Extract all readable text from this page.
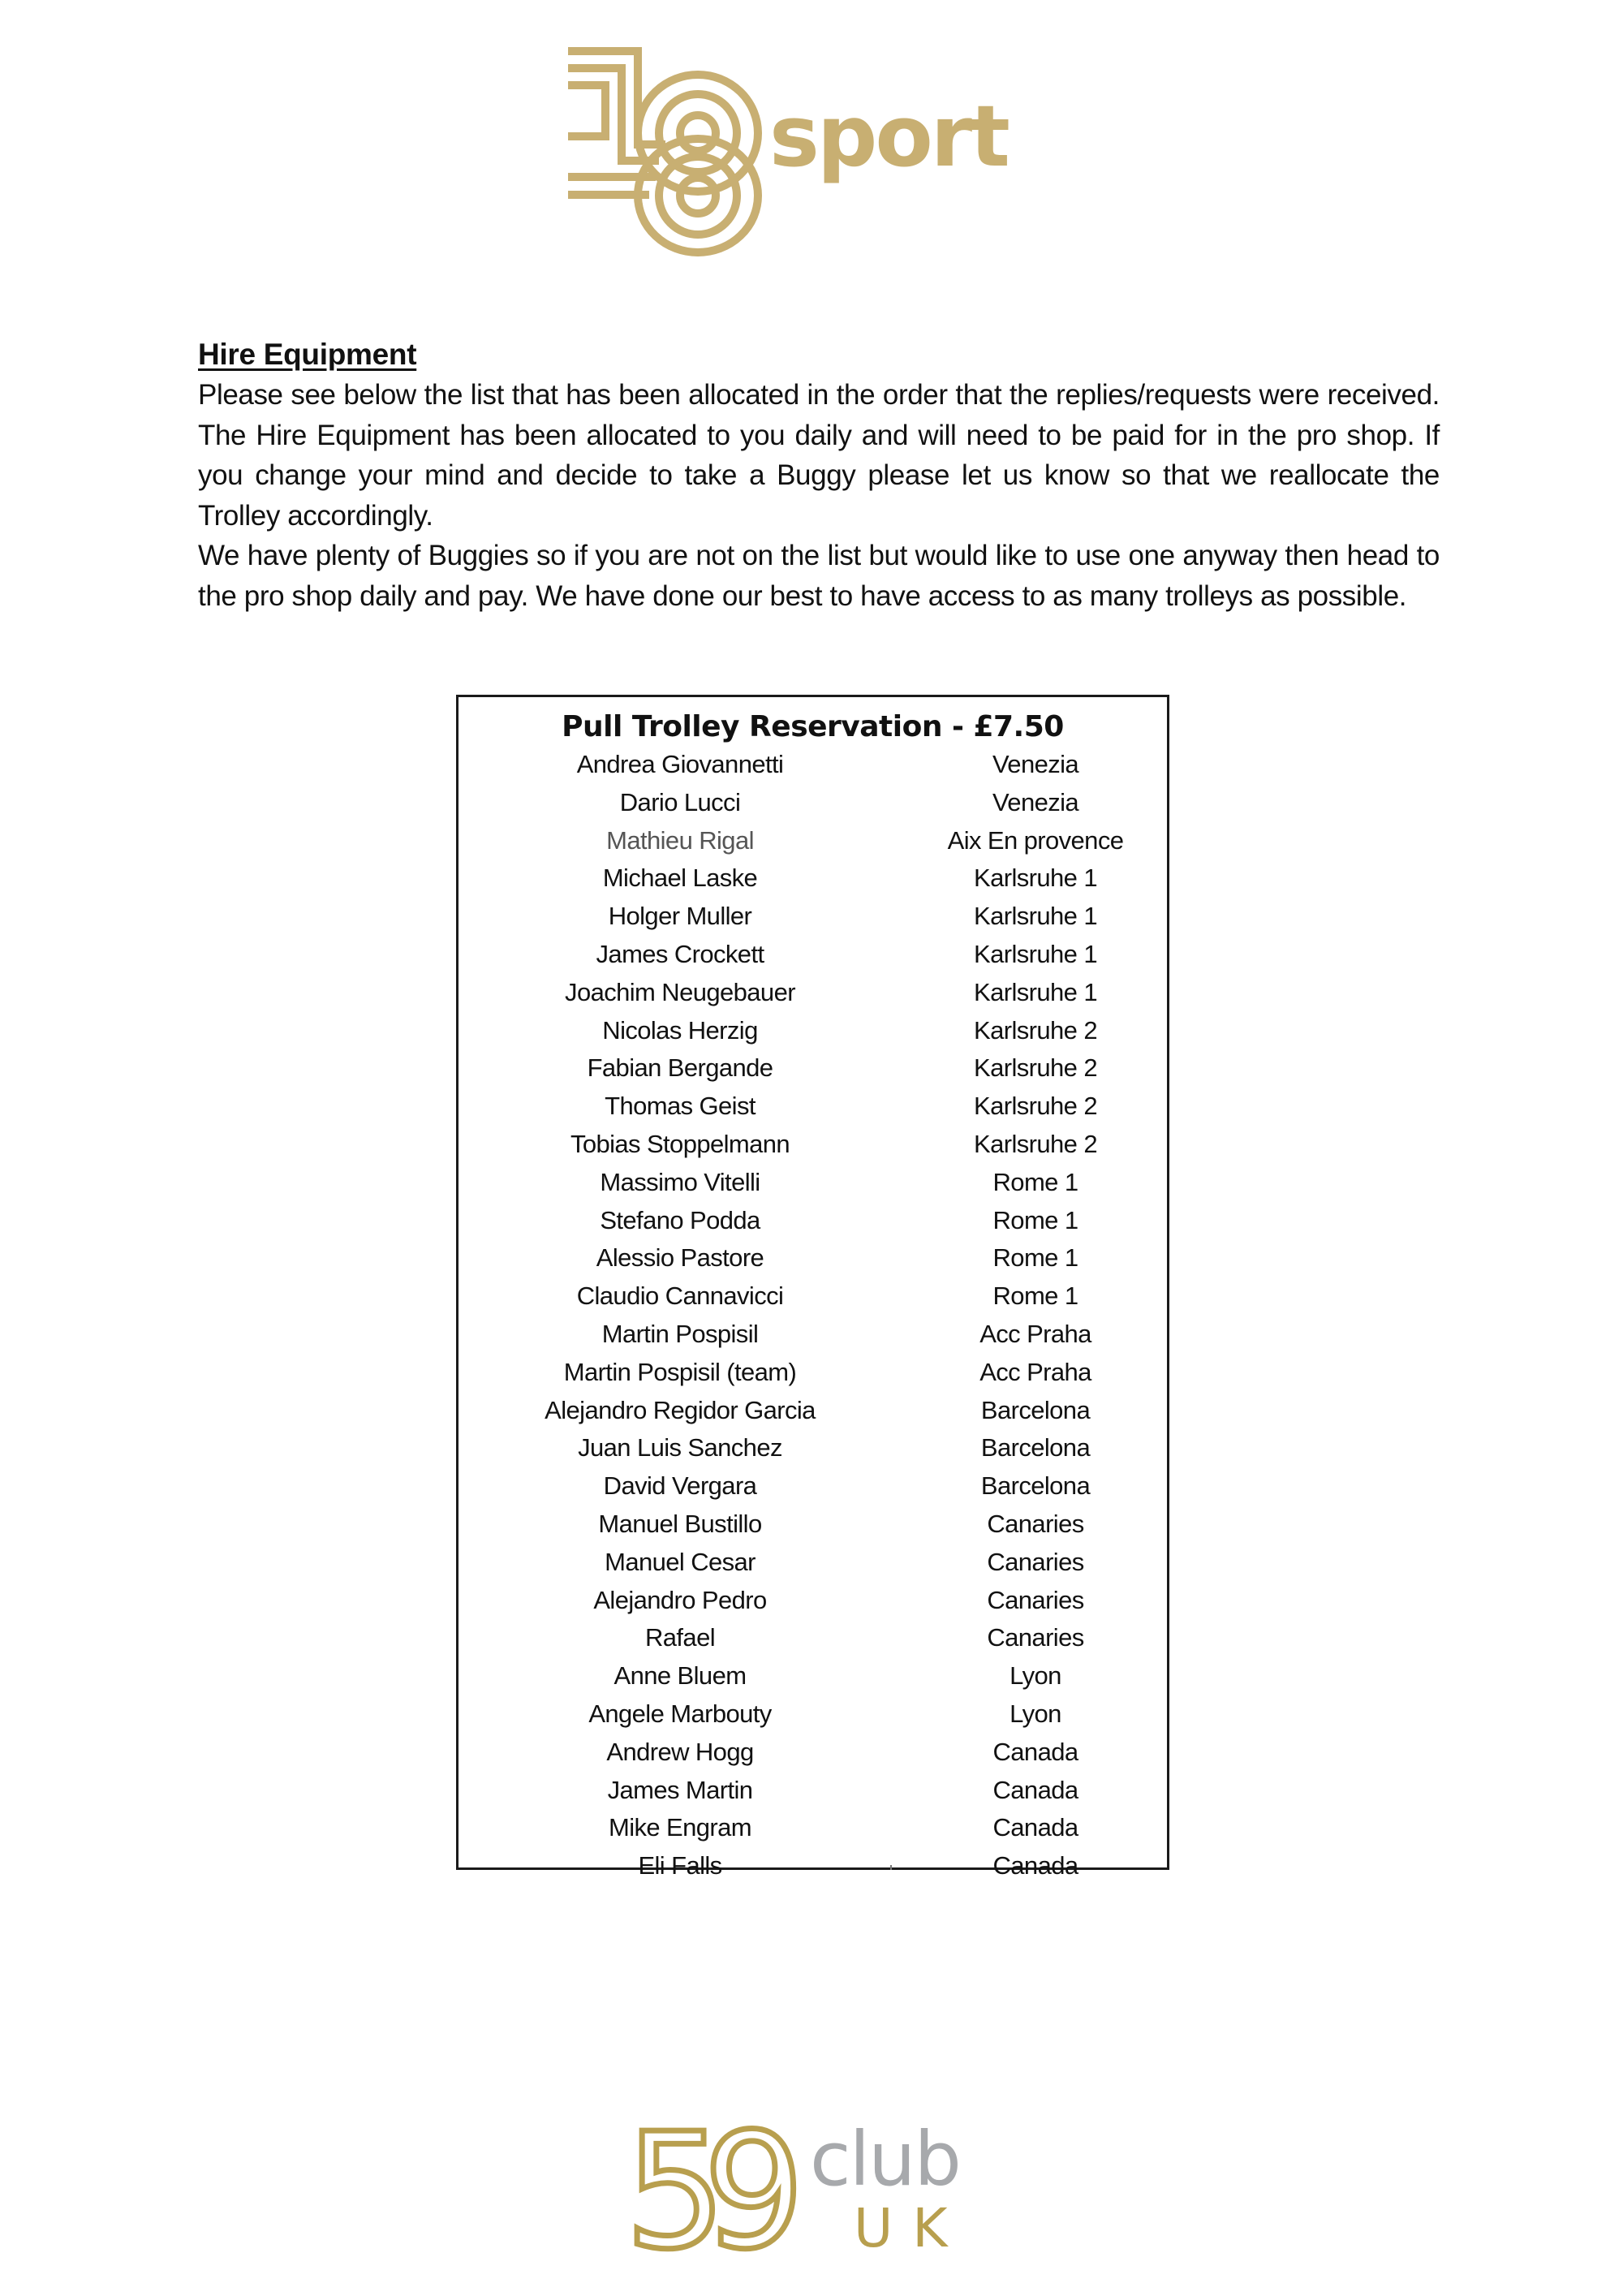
sport
Hire Equipment

Please see below the list that has been allocated in the order that the replies/requests were received. The Hire Equipment has been allocated to you daily and will need to be paid for in the pro shop. If you change your mind and decide to take a Buggy please let us know so that we reallocate the Trolley accordingly.

We have plenty of Buggies so if you are not on the list but would like to use one anyway then head to the pro shop daily and pay. We have done our best to have access to as many trolleys as possible.

Pull Trolley Reservation - £7.50
Andrea Giovannetti	Venezia
Dario Lucci	Venezia
Mathieu Rigal	Aix En provence
Michael Laske	Karlsruhe 1
Holger Muller	Karlsruhe 1
James Crockett	Karlsruhe 1
Joachim Neugebauer	Karlsruhe 1
Nicolas Herzig	Karlsruhe 2
Fabian Bergande	Karlsruhe 2
Thomas Geist	Karlsruhe 2
Tobias Stoppelmann	Karlsruhe 2
Massimo Vitelli	Rome 1
Stefano Podda	Rome 1
Alessio Pastore	Rome 1
Claudio Cannavicci	Rome 1
Martin Pospisil	Acc Praha
Martin Pospisil (team)	Acc Praha
Alejandro Regidor Garcia	Barcelona
Juan Luis Sanchez	Barcelona
David Vergara	Barcelona
Manuel Bustillo	Canaries
Manuel Cesar	Canaries
Alejandro Pedro	Canaries
Rafael	Canaries
Anne Bluem	Lyon
Angele Marbouty	Lyon
Andrew Hogg	Canada
James Martin	Canada
Mike Engram	Canada
Eli Falls	Canada
59 club
UK
